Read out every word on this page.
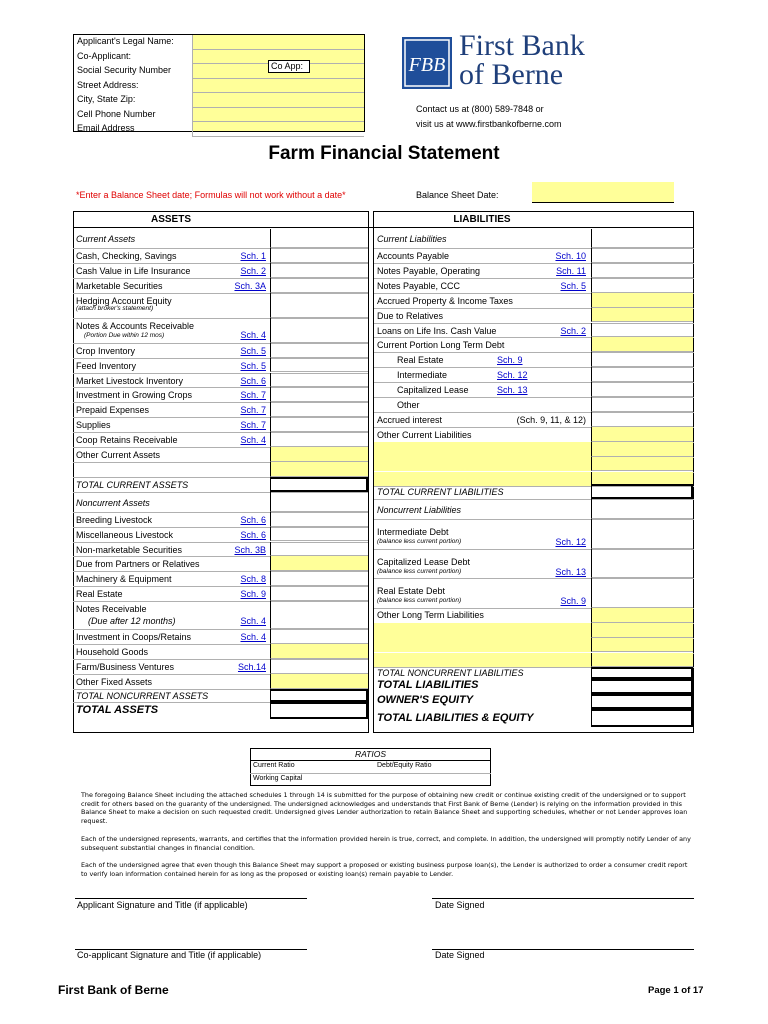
Applicant's Legal Name:
Co-Applicant:
Social Security Number
Street Address:
City, State Zip:
Cell Phone Number
Email Address
Co App:	FBB
First Bank
of Berne
Contact us at (800) 589-7848 or
visit us at www.firstbankofberne.com
Farm Financial Statement
*Enter a Balance Sheet date; Formulas will not work without a date*	Balance Sheet Date:
ASSETS	LIABILITIES
Current Assets
Cash, Checking, Savings	Sch. 1
Cash Value in Life Insurance	Sch. 2
Marketable Securities	Sch. 3A
Hedging Account Equity
(attach broker's statement)
Notes & Accounts Receivable
(Portion Due within 12 mos)	Sch. 4
Crop Inventory	Sch. 5
Feed Inventory	Sch. 5
Market Livestock Inventory	Sch. 6
Investment in Growing Crops	Sch. 7
Prepaid Expenses	Sch. 7
Supplies	Sch. 7
Coop Retains Receivable	Sch. 4
Other Current Assets
TOTAL CURRENT ASSETS
Noncurrent Assets
Breeding Livestock	Sch. 6
Miscellaneous Livestock	Sch. 6
Non-marketable Securities	Sch. 3B
Due from Partners or Relatives
Machinery & Equipment	Sch. 8
Real Estate	Sch. 9
Notes Receivable
(Due after 12 months)	Sch. 4
Investment in Coops/Retains	Sch. 4
Household Goods
Farm/Business Ventures	Sch.14
Other Fixed Assets
TOTAL NONCURRENT ASSETS
TOTAL ASSETS
Current Liabilities
Accounts Payable	Sch. 10
Notes Payable, Operating	Sch. 11
Notes Payable, CCC	Sch. 5
Accrued Property & Income Taxes
Due to Relatives
Loans on Life Ins. Cash Value	Sch. 2
Current Portion Long Term Debt
Real Estate	Sch. 9
Intermediate	Sch. 12
Capitalized Lease	Sch. 13
Other
Accrued interest	(Sch. 9, 11, & 12)
Other Current Liabilities
TOTAL CURRENT LIABILITIES
Noncurrent Liabilities
Intermediate Debt
(balance less current portion)	Sch. 12
Capitalized Lease Debt
(balance less current portion)	Sch. 13
Real Estate Debt
(balance less current portion)	Sch. 9
Other Long Term Liabilities
TOTAL NONCURRENT LIABILITIES
TOTAL LIABILITIES
OWNER'S EQUITY
TOTAL LIABILITIES & EQUITY
RATIOS
Current Ratio	Debt/Equity Ratio
Working Capital
The foregoing Balance Sheet including the attached schedules 1 through 14 is submitted for the purpose of obtaining new credit or continue existing credit of the undersigned or to support credit for others based on the guaranty of the undersigned. The undersigned acknowledges and understands that First Bank of Berne (Lender) is relying on the information provided in this Balance Sheet to make a decision on such requested credit. Undersigned gives Lender authorization to retain Balance Sheet and supporting schedules, whether or not Lender approves loan request.
Each of the undersigned represents, warrants, and certifies that the information provided herein is true, correct, and complete. In addition, the undersigned will promptly notify Lender of any subsequent substantial changes in financial condition.
Each of the undersigned agree that even though this Balance Sheet may support a proposed or existing business purpose loan(s), the Lender is authorized to order a consumer credit report to verify loan information contained herein for as long as the proposed or existing loan(s) remain payable to Lender.
Applicant Signature and Title (if applicable)	Date Signed
Co-applicant Signature and Title (if applicable)	Date Signed
First Bank of Berne	Page 1 of 17
